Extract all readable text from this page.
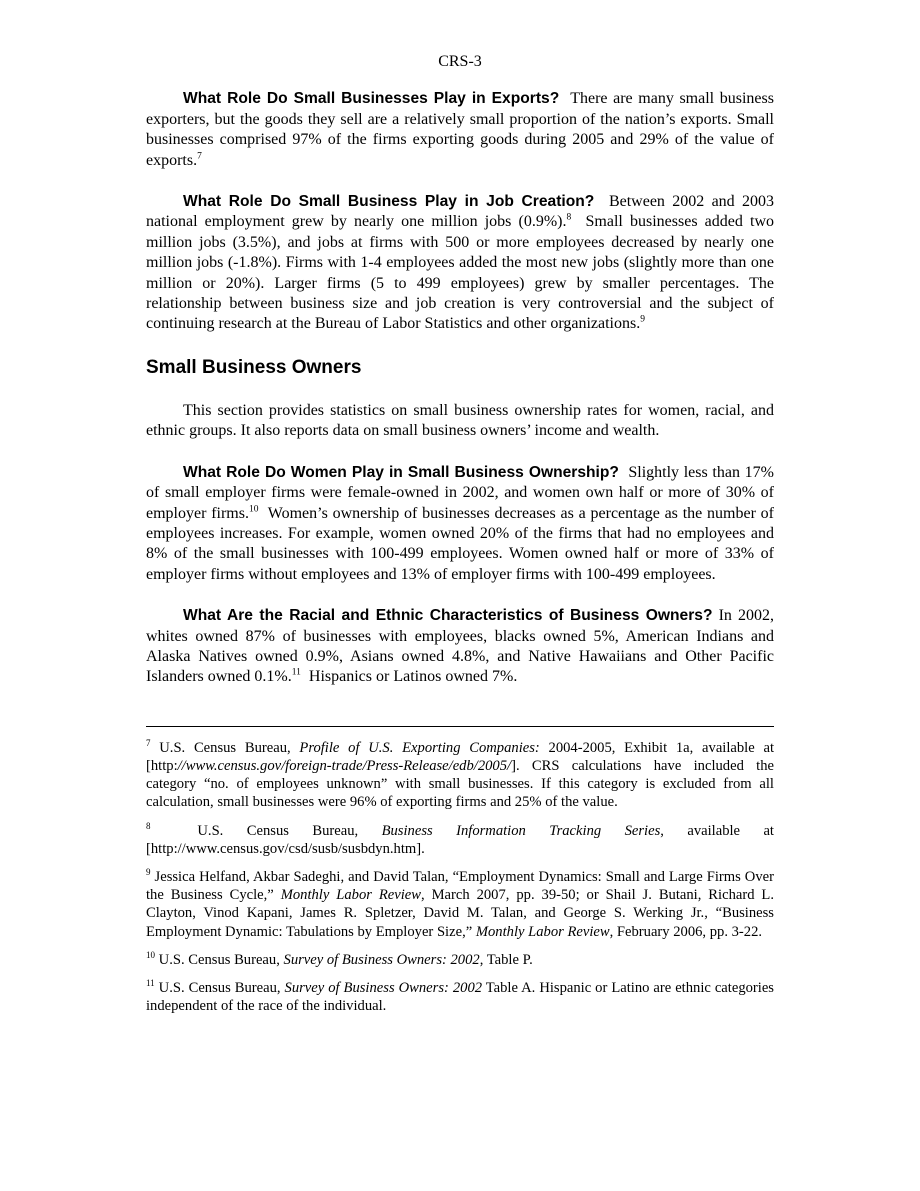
CRS-3

What Role Do Small Businesses Play in Exports? There are many small business exporters, but the goods they sell are a relatively small proportion of the nation’s exports. Small businesses comprised 97% of the firms exporting goods during 2005 and 29% of the value of exports.$^7$

What Role Do Small Business Play in Job Creation? Between 2002 and 2003 national employment grew by nearly one million jobs (0.9%).$^8$ Small businesses added two million jobs (3.5%), and jobs at firms with 500 or more employees decreased by nearly one million jobs (-1.8%). Firms with 1-4 employees added the most new jobs (slightly more than one million or 20%). Larger firms (5 to 499 employees) grew by smaller percentages. The relationship between business size and job creation is very controversial and the subject of continuing research at the Bureau of Labor Statistics and other organizations.$^9$

Small Business Owners

This section provides statistics on small business ownership rates for women, racial, and ethnic groups. It also reports data on small business owners’ income and wealth.

What Role Do Women Play in Small Business Ownership? Slightly less than 17% of small employer firms were female-owned in 2002, and women own half or more of 30% of employer firms.$^{10}$ Women’s ownership of businesses decreases as a percentage as the number of employees increases. For example, women owned 20% of the firms that had no employees and 8% of the small businesses with 100-499 employees. Women owned half or more of 33% of employer firms without employees and 13% of employer firms with 100-499 employees.

What Are the Racial and Ethnic Characteristics of Business Owners? In 2002, whites owned 87% of businesses with employees, blacks owned 5%, American Indians and Alaska Natives owned 0.9%, Asians owned 4.8%, and Native Hawaiians and Other Pacific Islanders owned 0.1%.$^{11}$ Hispanics or Latinos owned 7%.

$^7$ U.S. Census Bureau, Profile of U.S. Exporting Companies: 2004-2005, Exhibit 1a, available at [http://www.census.gov/foreign-trade/Press-Release/edb/2005/]. CRS calculations have included the category “no. of employees unknown” with small businesses. If this category is excluded from all calculation, small businesses were 96% of exporting firms and 25% of the value.

$^8$	U.S. Census Bureau, Business Information Tracking Series, available at [http://www.census.gov/csd/susb/susbdyn.htm].

$^9$ Jessica Helfand, Akbar Sadeghi, and David Talan, “Employment Dynamics: Small and Large Firms Over the Business Cycle,” Monthly Labor Review, March 2007, pp. 39-50; or Shail J. Butani, Richard L. Clayton, Vinod Kapani, James R. Spletzer, David M. Talan, and George S. Werking Jr., “Business Employment Dynamic: Tabulations by Employer Size,” Monthly Labor Review, February 2006, pp. 3-22.

$^{10}$ U.S. Census Bureau, Survey of Business Owners: 2002, Table P.

$^{11}$ U.S. Census Bureau, Survey of Business Owners: 2002 Table A. Hispanic or Latino are ethnic categories independent of the race of the individual.
